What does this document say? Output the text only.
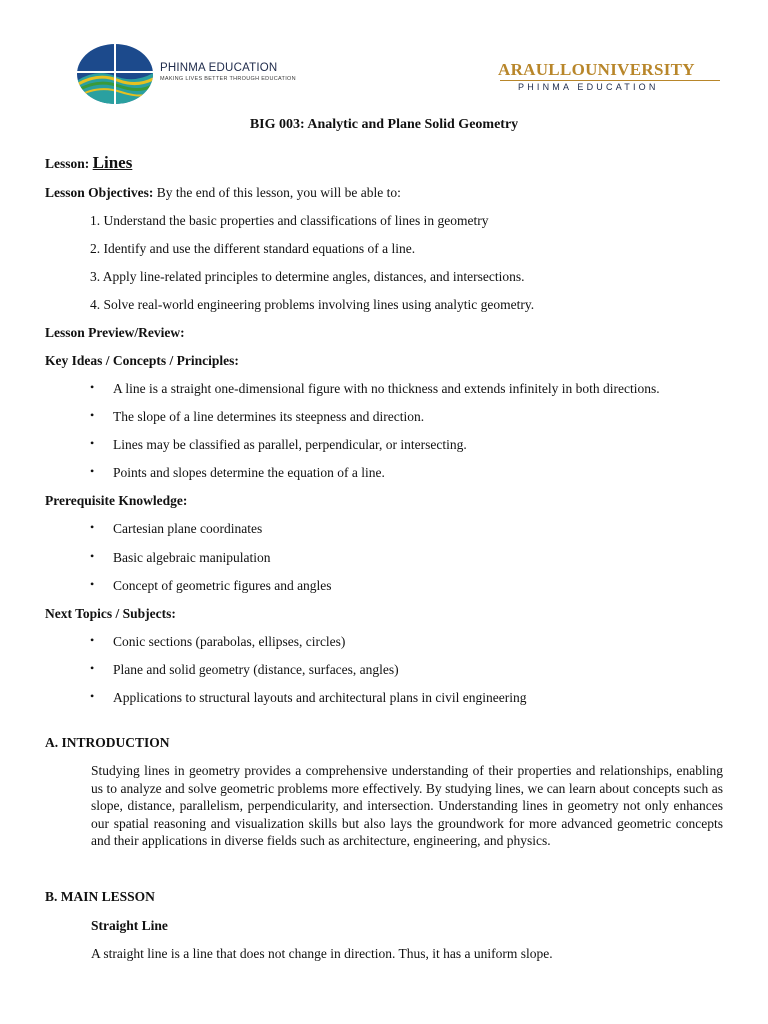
PHINMA EDUCATION
MAKING LIVES BETTER THROUGH EDUCATION	ARAULLOUNIVERSITY
PHINMA EDUCATION
BIG 003: Analytic and Plane Solid Geometry
Lesson: Lines
Lesson Objectives: By the end of this lesson, you will be able to:
1. Understand the basic properties and classifications of lines in geometry
2. Identify and use the different standard equations of a line.
3. Apply line-related principles to determine angles, distances, and intersections.
4. Solve real-world engineering problems involving lines using analytic geometry.
Lesson Preview/Review:
Key Ideas / Concepts / Principles:
• A line is a straight one-dimensional figure with no thickness and extends infinitely in both directions.
• The slope of a line determines its steepness and direction.
• Lines may be classified as parallel, perpendicular, or intersecting.
• Points and slopes determine the equation of a line.
Prerequisite Knowledge:
• Cartesian plane coordinates
• Basic algebraic manipulation
• Concept of geometric figures and angles
Next Topics / Subjects:
• Conic sections (parabolas, ellipses, circles)
• Plane and solid geometry (distance, surfaces, angles)
• Applications to structural layouts and architectural plans in civil engineering
A. INTRODUCTION
Studying lines in geometry provides a comprehensive understanding of their properties and relationships, enabling us to analyze and solve geometric problems more effectively. By studying lines, we can learn about concepts such as slope, distance, parallelism, perpendicularity, and intersection. Understanding lines in geometry not only enhances our spatial reasoning and visualization skills but also lays the groundwork for more advanced geometric concepts and their applications in diverse fields such as architecture, engineering, and physics.
B. MAIN LESSON
Straight Line
A straight line is a line that does not change in direction. Thus, it has a uniform slope.
